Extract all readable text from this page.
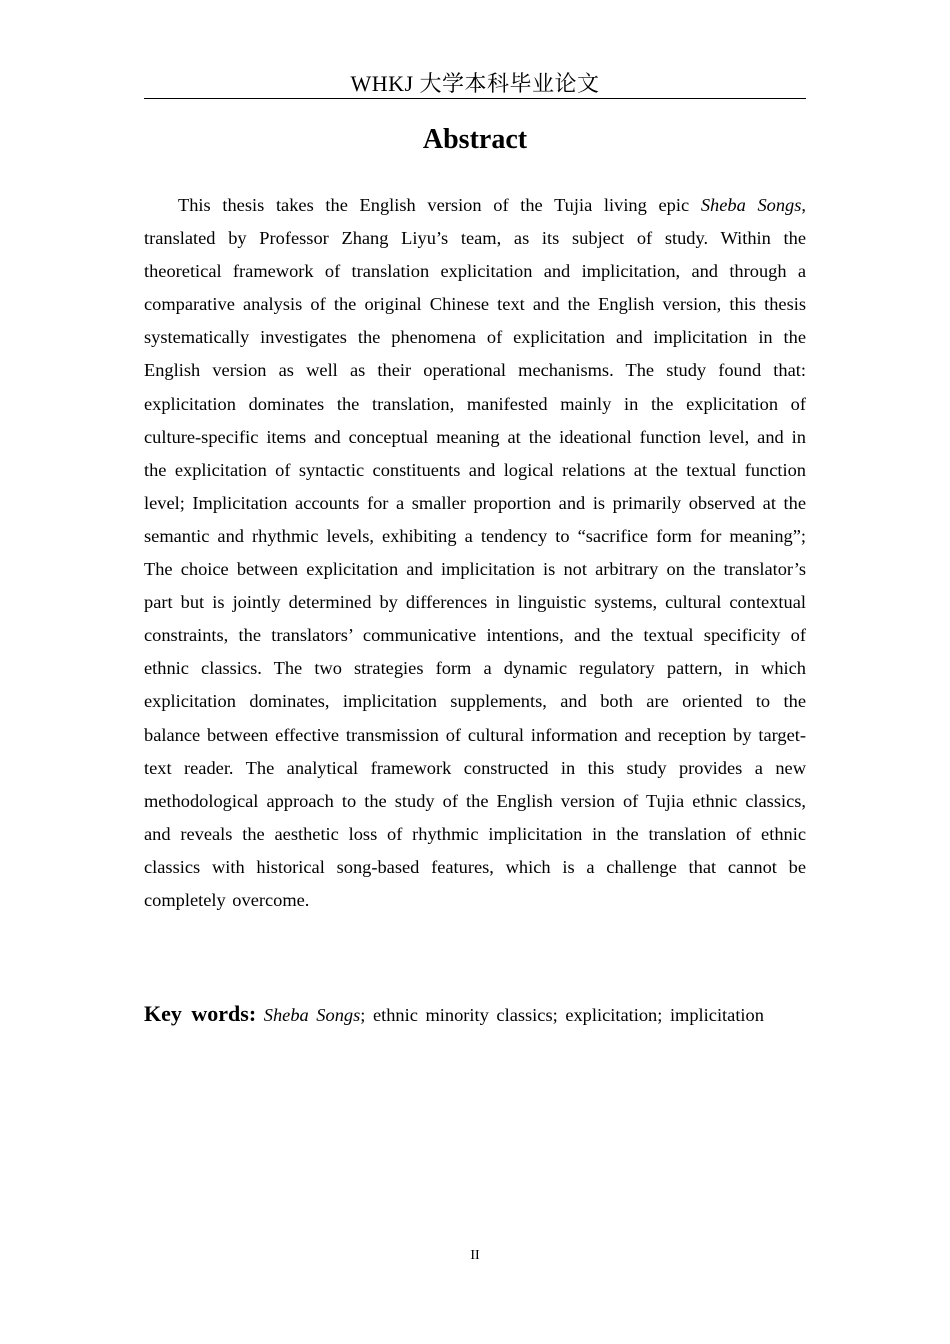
WHKJ 大学本科毕业论文
Abstract

This thesis takes the English version of the Tujia living epic Sheba Songs, translated by Professor Zhang Liyu’s team, as its subject of study. Within the theoretical framework of translation explicitation and implicitation, and through a comparative analysis of the original Chinese text and the English version, this thesis systematically investigates the phenomena of explicitation and implicitation in the English version as well as their operational mechanisms. The study found that: explicitation dominates the translation, manifested mainly in the explicitation of culture-specific items and conceptual meaning at the ideational function level, and in the explicitation of syntactic constituents and logical relations at the textual function level; Implicitation accounts for a smaller proportion and is primarily observed at the semantic and rhythmic levels, exhibiting a tendency to “sacrifice form for meaning”; The choice between explicitation and implicitation is not arbitrary on the translator’s part but is jointly determined by differences in linguistic systems, cultural contextual constraints, the translators’ communicative intentions, and the textual specificity of ethnic classics. The two strategies form a dynamic regulatory pattern, in which explicitation dominates, implicitation supplements, and both are oriented to the balance between effective transmission of cultural information and reception by target-text reader. The analytical framework constructed in this study provides a new methodological approach to the study of the English version of Tujia ethnic classics, and reveals the aesthetic loss of rhythmic implicitation in the translation of ethnic classics with historical song-based features, which is a challenge that cannot be completely overcome.

Key words: Sheba Songs; ethnic minority classics; explicitation; implicitation
II
